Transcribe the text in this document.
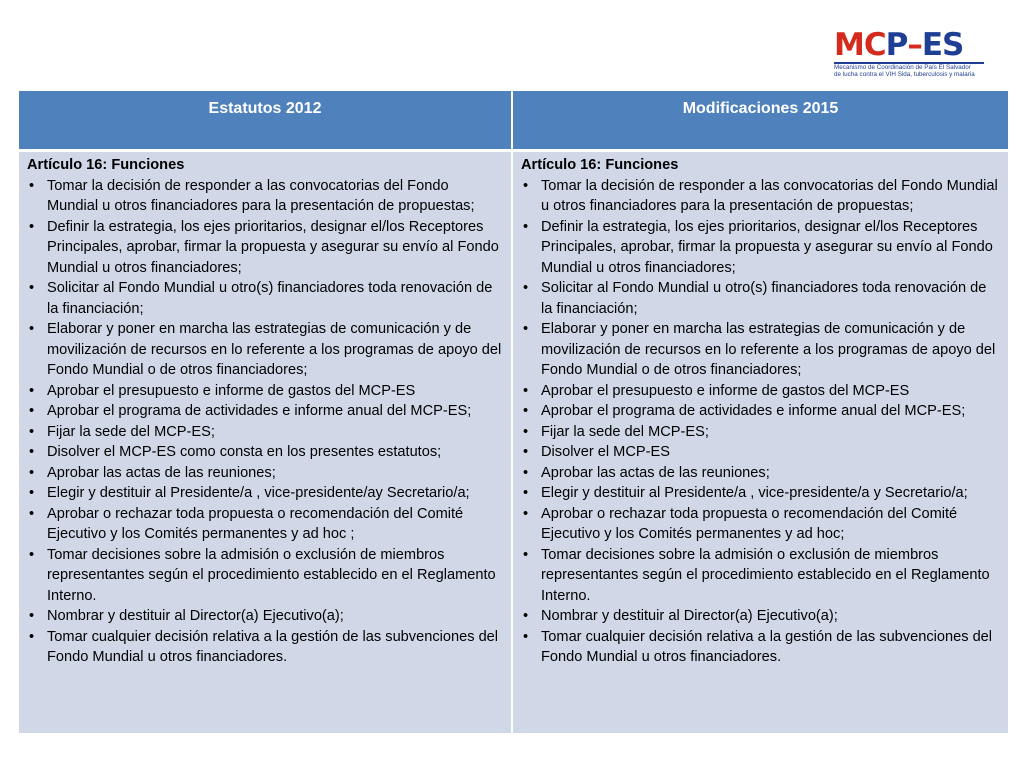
MCP–ES
Mecanismo de Coordinación de País El Salvador
de lucha contra el VIH Sida, tuberculosis y malaria
Estatutos 2012	Modificaciones 2015
Artículo 16: Funciones
• Tomar la decisión de responder a las convocatorias del Fondo Mundial u otros financiadores para la presentación de propuestas;
• Definir la estrategia, los ejes prioritarios, designar el/los Receptores Principales, aprobar, firmar la propuesta y asegurar su envío al Fondo Mundial u otros financiadores;
• Solicitar al Fondo Mundial u otro(s) financiadores toda renovación de la financiación;
• Elaborar y poner en marcha las estrategias de comunicación y de movilización de recursos en lo referente a los programas de apoyo del Fondo Mundial o de otros financiadores;
• Aprobar el presupuesto e informe de gastos del MCP-ES
• Aprobar el programa de actividades e informe anual del MCP-ES;
• Fijar la sede del MCP-ES;
• Disolver el MCP-ES como consta en los presentes estatutos;
• Aprobar las actas de las reuniones;
• Elegir y destituir al Presidente/a , vice-presidente/ay Secretario/a;
• Aprobar o rechazar toda propuesta o recomendación del Comité Ejecutivo y los Comités permanentes y ad hoc ;
• Tomar decisiones sobre la admisión o exclusión de miembros representantes según el procedimiento establecido en el Reglamento Interno.
• Nombrar y destituir al Director(a) Ejecutivo(a);
• Tomar cualquier decisión relativa a la gestión de las subvenciones del Fondo Mundial u otros financiadores.
Artículo 16: Funciones
• Tomar la decisión de responder a las convocatorias del Fondo Mundial u otros financiadores para la presentación de propuestas;
• Definir la estrategia, los ejes prioritarios, designar el/los Receptores Principales, aprobar, firmar la propuesta y asegurar su envío al Fondo Mundial u otros financiadores;
• Solicitar al Fondo Mundial u otro(s) financiadores toda renovación de la financiación;
• Elaborar y poner en marcha las estrategias de comunicación y de movilización de recursos en lo referente a los programas de apoyo del Fondo Mundial o de otros financiadores;
• Aprobar el presupuesto e informe de gastos del MCP-ES
• Aprobar el programa de actividades e informe anual del MCP-ES;
• Fijar la sede del MCP-ES;
• Disolver el MCP-ES
• Aprobar las actas de las reuniones;
• Elegir y destituir al Presidente/a , vice-presidente/a y Secretario/a;
• Aprobar o rechazar toda propuesta o recomendación del Comité Ejecutivo y los Comités permanentes y ad hoc;
• Tomar decisiones sobre la admisión o exclusión de miembros representantes según el procedimiento establecido en el Reglamento Interno.
• Nombrar y destituir al Director(a) Ejecutivo(a);
• Tomar cualquier decisión relativa a la gestión de las subvenciones del Fondo Mundial u otros financiadores.
